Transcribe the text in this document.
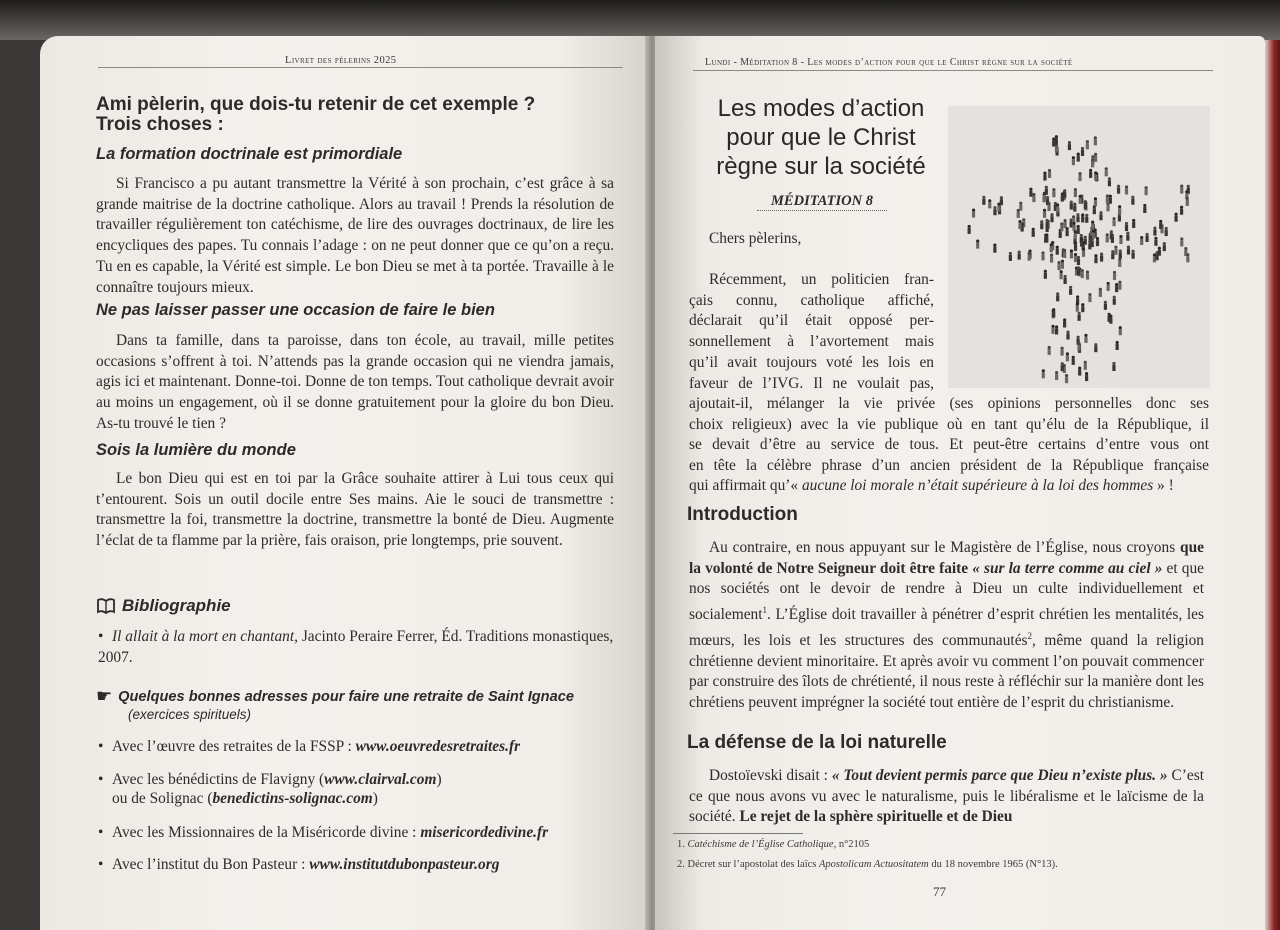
Livret des pèlerins 2025
Ami pèlerin, que dois-tu retenir de cet exemple ?
Trois choses :
La formation doctrinale est primordiale
Si Francisco a pu autant transmettre la Vérité à son prochain, c’est grâce à sa grande maitrise de la doctrine catholique. Alors au travail ! Prends la résolution de travailler régulièrement ton catéchisme, de lire des ouvrages doctrinaux, de lire les encycliques des papes. Tu connais l’adage : on ne peut donner que ce qu’on a reçu. Tu en es capable, la Vérité est simple. Le bon Dieu se met à ta portée. Travaille à le connaître toujours mieux.
Ne pas laisser passer une occasion de faire le bien
Dans ta famille, dans ta paroisse, dans ton école, au travail, mille petites occasions s’offrent à toi. N’attends pas la grande occasion qui ne viendra jamais, agis ici et maintenant. Donne-toi. Donne de ton temps. Tout catholique devrait avoir au moins un engagement, où il se donne gratuitement pour la gloire du bon Dieu. As-tu trouvé le tien ?
Sois la lumière du monde
Le bon Dieu qui est en toi par la Grâce souhaite attirer à Lui tous ceux qui t’entourent. Sois un outil docile entre Ses mains. Aie le souci de transmettre : transmettre la foi, transmettre la doctrine, transmettre la bonté de Dieu. Augmente l’éclat de ta flamme par la prière, fais oraison, prie longtemps, prie souvent.
Bibliographie
• Il allait à la mort en chantant, Jacinto Peraire Ferrer, Éd. Traditions monastiques, 2007.
☛ Quelques bonnes adresses pour faire une retraite de Saint Ignace
(exercices spirituels)
• Avec l’œuvre des retraites de la FSSP : www.oeuvredesretraites.fr
• Avec les bénédictins de Flavigny (www.clairval.com)
ou de Solignac (benedictins-solignac.com)
• Avec les Missionnaires de la Miséricorde divine : misericordedivine.fr
• Avec l’institut du Bon Pasteur : www.institutdubonpasteur.org
Lundi - Méditation 8 - Les modes d’action pour que le Christ règne sur la société
Les modes d’action pour que le Christ règne sur la société
MÉDITATION 8
Chers pèlerins,
Récemment, un politicien fran-
çais connu, catholique affiché,
déclarait qu’il était opposé per-
sonnellement à l’avortement mais
qu’il avait toujours voté les lois en
faveur de l’IVG. Il ne voulait pas,
ajoutait-il, mélanger la vie privée (ses opinions personnelles donc ses
choix religieux) avec la vie publique où en tant qu’élu de la République, il
se devait d’être au service de tous. Et peut-être certains d’entre vous ont
en tête la célèbre phrase d’un ancien président de la République française
qui affirmait qu’« aucune loi morale n’était supérieure à la loi des hommes » !
Introduction
Au contraire, en nous appuyant sur le Magistère de l’Église, nous croyons que la volonté de Notre Seigneur doit être faite « sur la terre comme au ciel » et que nos sociétés ont le devoir de rendre à Dieu un culte individuellement et socialement$^1$. L’Église doit travailler à pénétrer d’esprit chrétien les mentalités, les mœurs, les lois et les structures des communautés$^2$, même quand la religion chrétienne devient minoritaire. Et après avoir vu comment l’on pouvait commencer par construire des îlots de chrétienté, il nous reste à réfléchir sur la manière dont les chrétiens peuvent imprégner la société tout entière de l’esprit du christianisme.
La défense de la loi naturelle
Dostoïevski disait : « Tout devient permis parce que Dieu n’existe plus. » C’est ce que nous avons vu avec le naturalisme, puis le libéralisme et le laïcisme de la société. Le rejet de la sphère spirituelle et de Dieu
1. Catéchisme de l’Église Catholique, n°2105
2. Décret sur l’apostolat des laïcs Apostolicam Actuositatem du 18 novembre 1965 (N°13).
77
